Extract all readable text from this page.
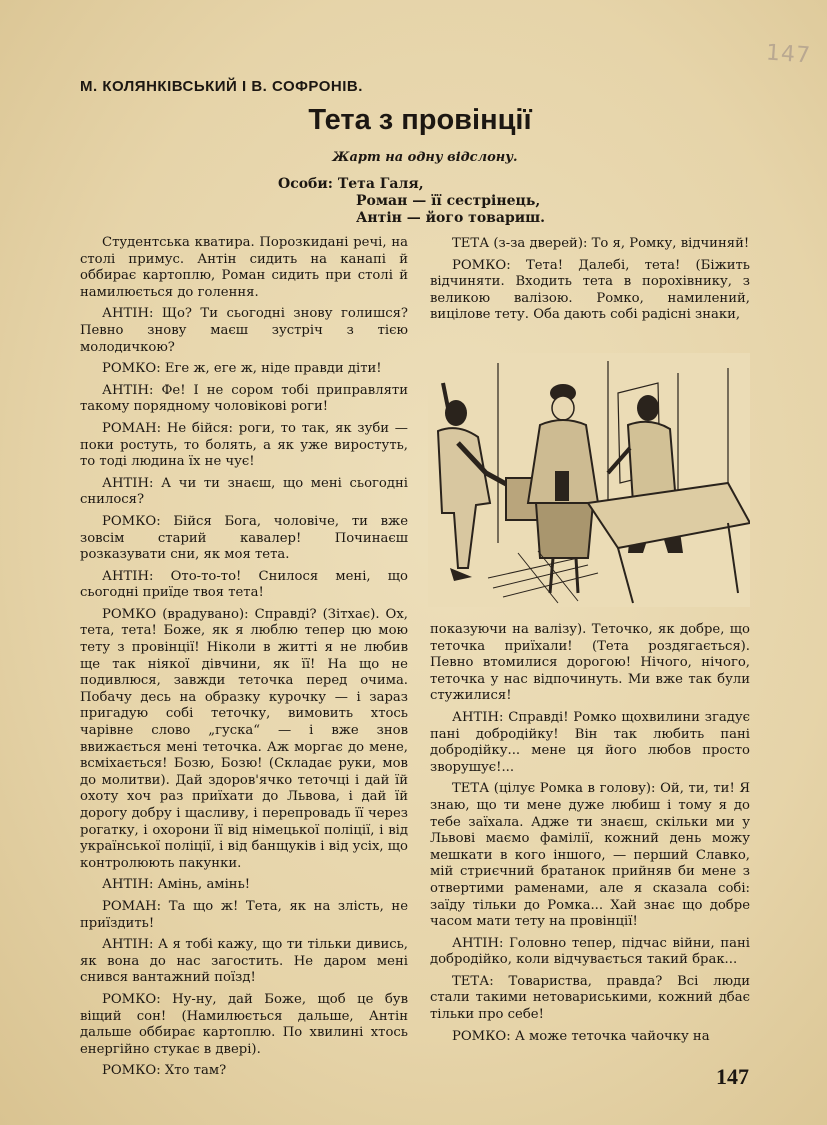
147
М. КОЛЯНКІВСЬКИЙ І В. СОФРОНІВ.
Тета з провінції
Жарт на одну відслону.
Особи: Тета Галя,
Роман — її сестрінець,
Антін — його товариш.

Студентська кватира. Порозкидані речі, на столі примус. Антін сидить на канапі й оббирає картоплю, Роман сидить при столі й намилюється до голення.

АНТІН: Що? Ти сьогодні знову голишся? Певно знову маєш зустріч з тією молодичкою?

РОМКО: Еге ж, еге ж, ніде правди діти!

АНТІН: Фе! І не сором тобі приправляти такому порядному чоловікові роги!

РОМАН: Не бійся: роги, то так, як зуби — поки ростуть, то болять, а як уже виростуть, то тоді людина їх не чує!

АНТІН: А чи ти знаєш, що мені сьогодні снилося?

РОМКО: Бійся Бога, чоловіче, ти вже зовсім старий кавалер! Починаєш розказувати сни, як моя тета.

АНТІН: Ото-то-то! Снилося мені, що сьогодні приїде твоя тета!

РОМКО (врадувано): Справді? (Зітхає). Ох, тета, тета! Боже, як я люблю тепер цю мою тету з провінції! Ніколи в житті я не любив ще так ніякої дівчини, як її! На що не подивлюся, завжди теточка перед очима. Побачу десь на образку курочку — і зараз пригадую собі теточку, вимовить хтось чарівне слово „гуска“ — і вже знов ввижається мені теточка. Аж моргає до мене, всміхається! Бозю, Бозю! (Складає руки, мов до молитви). Дай здоров'ячко теточці і дай їй охоту хоч раз приїхати до Львова, і дай їй дорогу добру і щасливу, і перепровадь її через рогатку, і охорони її від німецької поліції, і від української поліції, і від банщуків і від усіх, що контролюють пакунки.

АНТІН: Амінь, амінь!

РОМАН: Та що ж! Тета, як на злість, не приїздить!

АНТІН: А я тобі кажу, що ти тільки дивись, як вона до нас загостить. Не даром мені снився вантажний поїзд!

РОМКО: Ну-ну, дай Боже, щоб це був віщий сон! (Намилюється дальше, Антін дальше оббирає картоплю. По хвилині хтось енергійно стукає в двері).

РОМКО: Хто там?

ТЕТА (з-за дверей): То я, Ромку, відчиняй!

РОМКО: Тета! Далебі, тета! (Біжить відчиняти. Входить тета в порохівнику, з великою валізою. Ромко, намилений, вицілове тету. Оба дають собі радісні знаки,

показуючи на валізу). Теточко, як добре, що теточка приїхали! (Тета роздягається). Певно втомилися дорогою! Нічого, нічого, теточка у нас відпочинуть. Ми вже так були стужилися!

АНТІН: Справді! Ромко щохвилини згадує пані добродійку! Він так любить пані добродійку... мене ця його любов просто зворушує!...

ТЕТА (цілує Ромка в голову): Ой, ти, ти! Я знаю, що ти мене дуже любиш і тому я до тебе заїхала. Адже ти знаєш, скільки ми у Львові маємо фамілії, кожний день можу мешкати в кого іншого, — перший Славко, мій стриєчний братанок прийняв би мене з отвертими раменами, але я сказала собі: заїду тільки до Ромка... Хай знає що добре часом мати тету на провінції!

АНТІН: Головно тепер, підчас війни, пані добродійко, коли відчувається такий брак...

ТЕТА: Товариства, правда? Всі люди стали такими нетовариськими, кожний дбає тільки про себе!

РОМКО: А може теточка чайочку на

147
